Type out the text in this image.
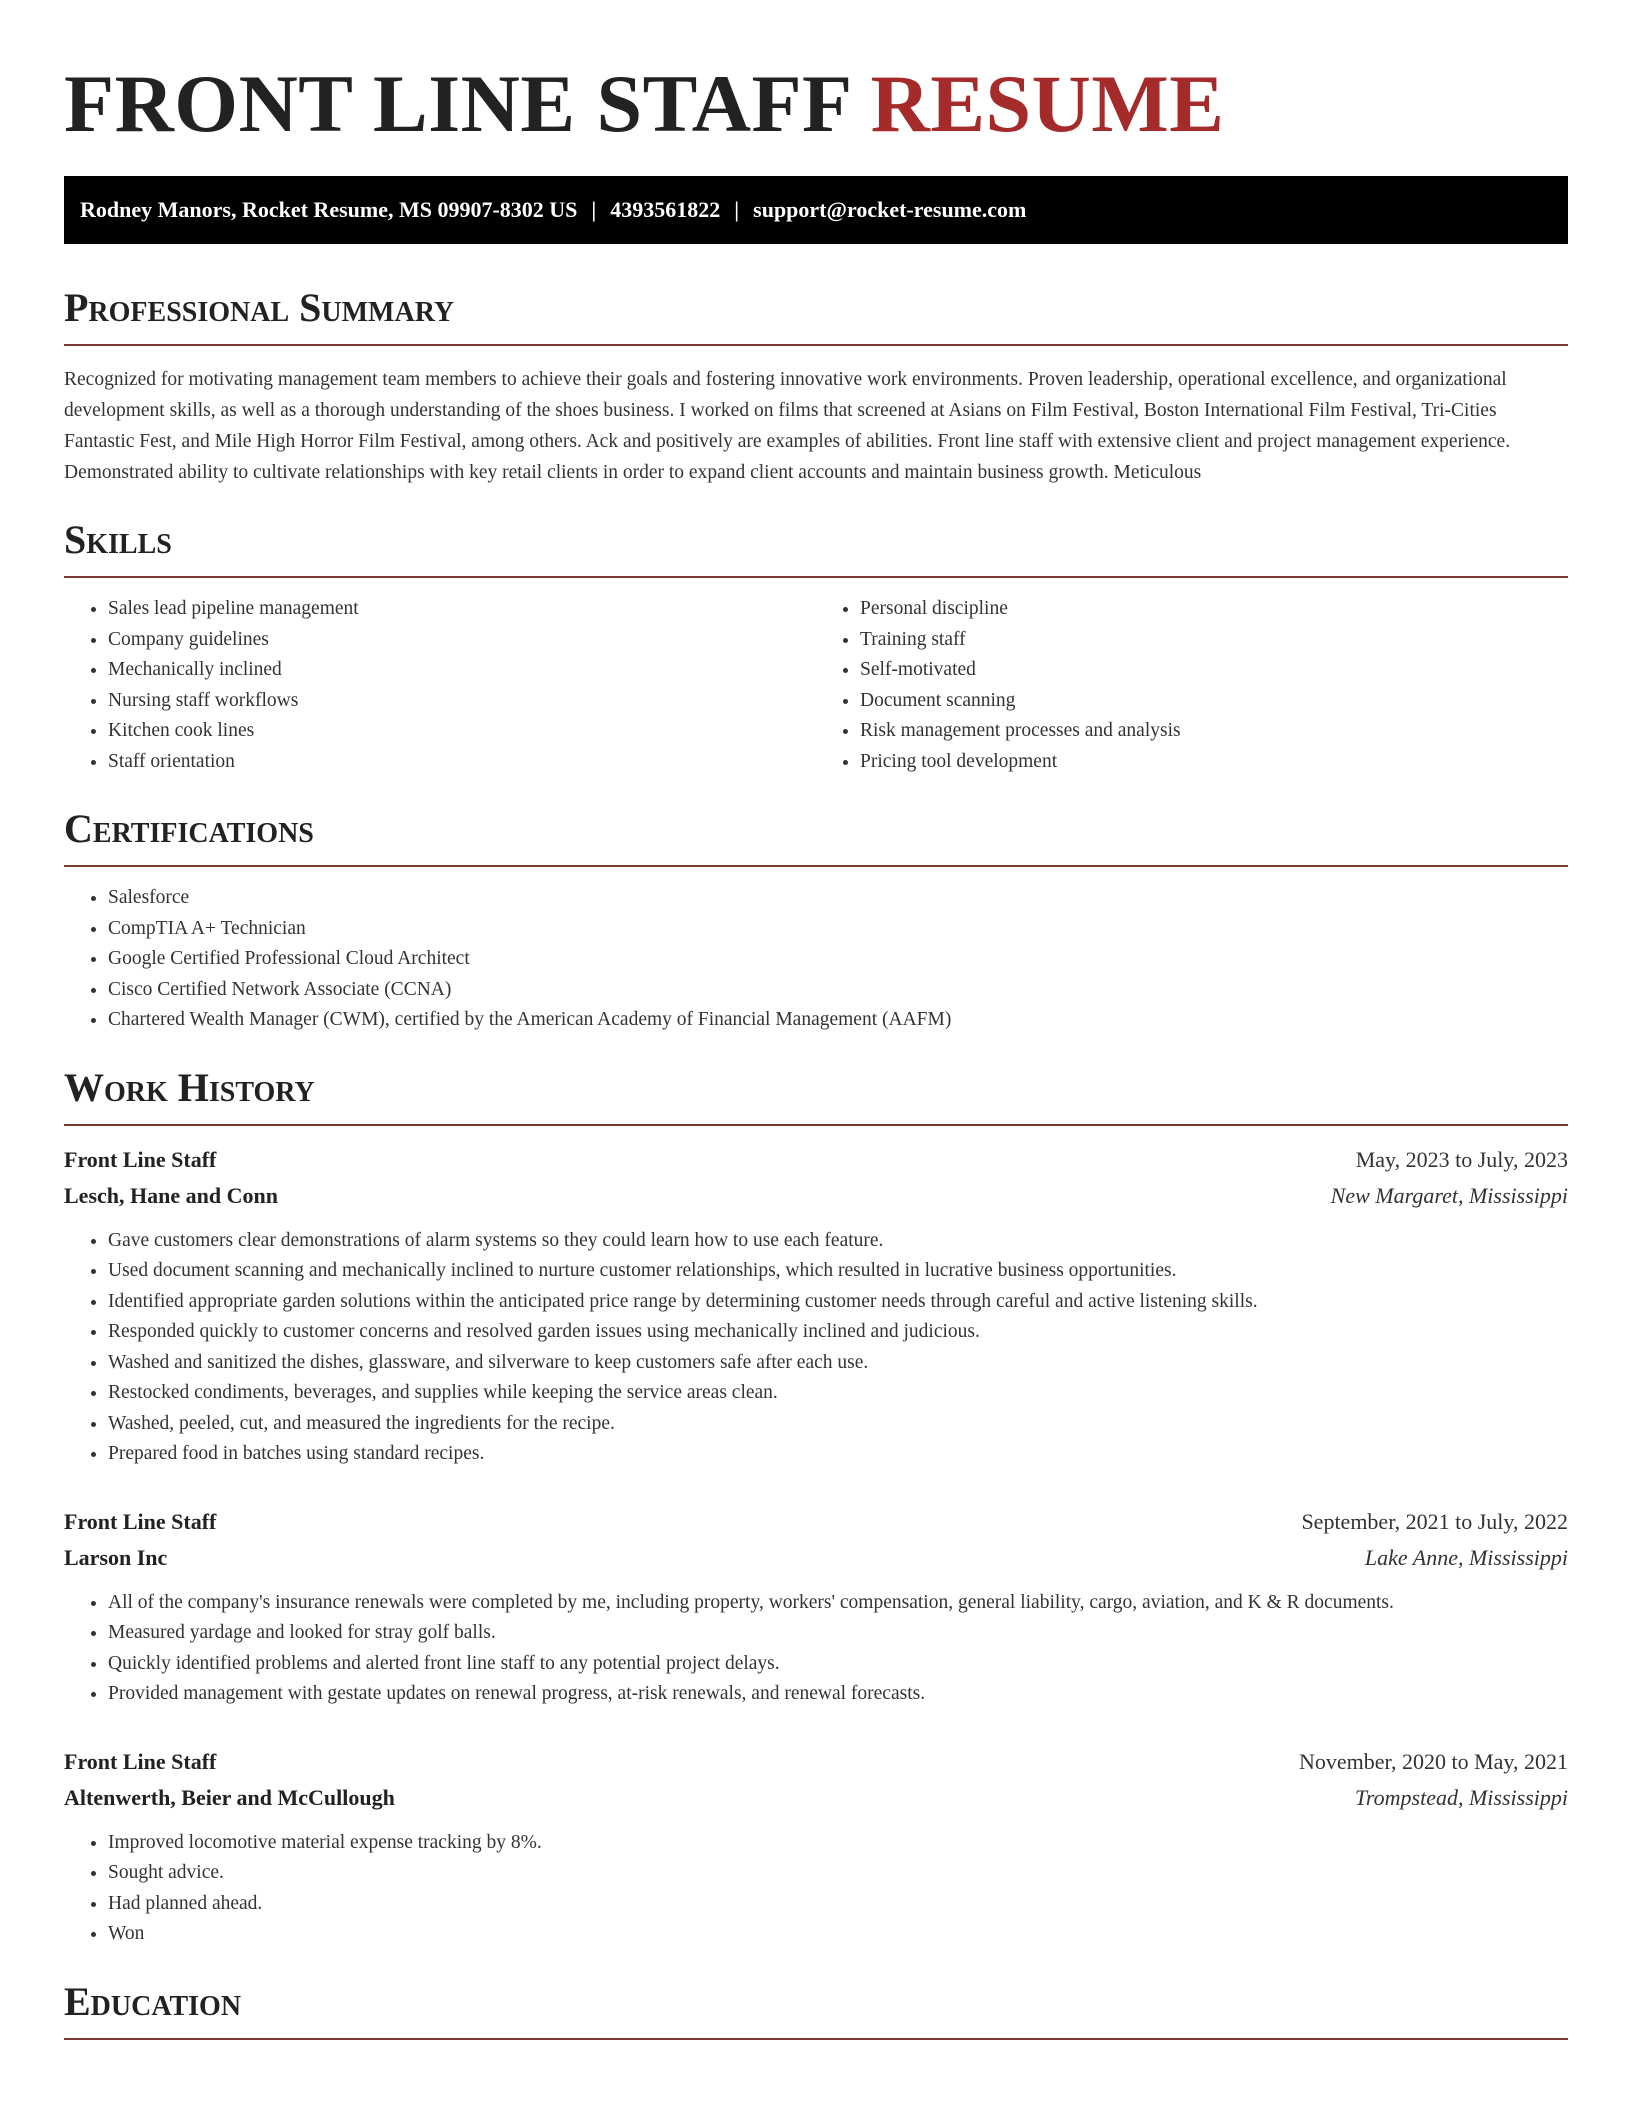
FRONT LINE STAFF RESUME
Rodney Manors, Rocket Resume, MS 09907-8302 US | 4393561822 | support@rocket-resume.com
Professional Summary

Recognized for motivating management team members to achieve their goals and fostering innovative work environments. Proven leadership, operational excellence, and organizational development skills, as well as a thorough understanding of the shoes business. I worked on films that screened at Asians on Film Festival, Boston International Film Festival, Tri-Cities Fantastic Fest, and Mile High Horror Film Festival, among others. Ack and positively are examples of abilities. Front line staff with extensive client and project management experience. Demonstrated ability to cultivate relationships with key retail clients in order to expand client accounts and maintain business growth. Meticulous

Skills
• Sales lead pipeline management
• Company guidelines
• Mechanically inclined
• Nursing staff workflows
• Kitchen cook lines
• Staff orientation
• Personal discipline
• Training staff
• Self-motivated
• Document scanning
• Risk management processes and analysis
• Pricing tool development
Certifications
• Salesforce
• CompTIA A+ Technician
• Google Certified Professional Cloud Architect
• Cisco Certified Network Associate (CCNA)
• Chartered Wealth Manager (CWM), certified by the American Academy of Financial Management (AAFM)
Work History
Front Line Staff	May, 2023 to July, 2023
Lesch, Hane and Conn	New Margaret, Mississippi
• Gave customers clear demonstrations of alarm systems so they could learn how to use each feature.
• Used document scanning and mechanically inclined to nurture customer relationships, which resulted in lucrative business opportunities.
• Identified appropriate garden solutions within the anticipated price range by determining customer needs through careful and active listening skills.
• Responded quickly to customer concerns and resolved garden issues using mechanically inclined and judicious.
• Washed and sanitized the dishes, glassware, and silverware to keep customers safe after each use.
• Restocked condiments, beverages, and supplies while keeping the service areas clean.
• Washed, peeled, cut, and measured the ingredients for the recipe.
• Prepared food in batches using standard recipes.
Front Line Staff	September, 2021 to July, 2022
Larson Inc	Lake Anne, Mississippi
• All of the company's insurance renewals were completed by me, including property, workers' compensation, general liability, cargo, aviation, and K & R documents.
• Measured yardage and looked for stray golf balls.
• Quickly identified problems and alerted front line staff to any potential project delays.
• Provided management with gestate updates on renewal progress, at-risk renewals, and renewal forecasts.
Front Line Staff	November, 2020 to May, 2021
Altenwerth, Beier and McCullough	Trompstead, Mississippi
• Improved locomotive material expense tracking by 8%.
• Sought advice.
• Had planned ahead.
• Won
Education
